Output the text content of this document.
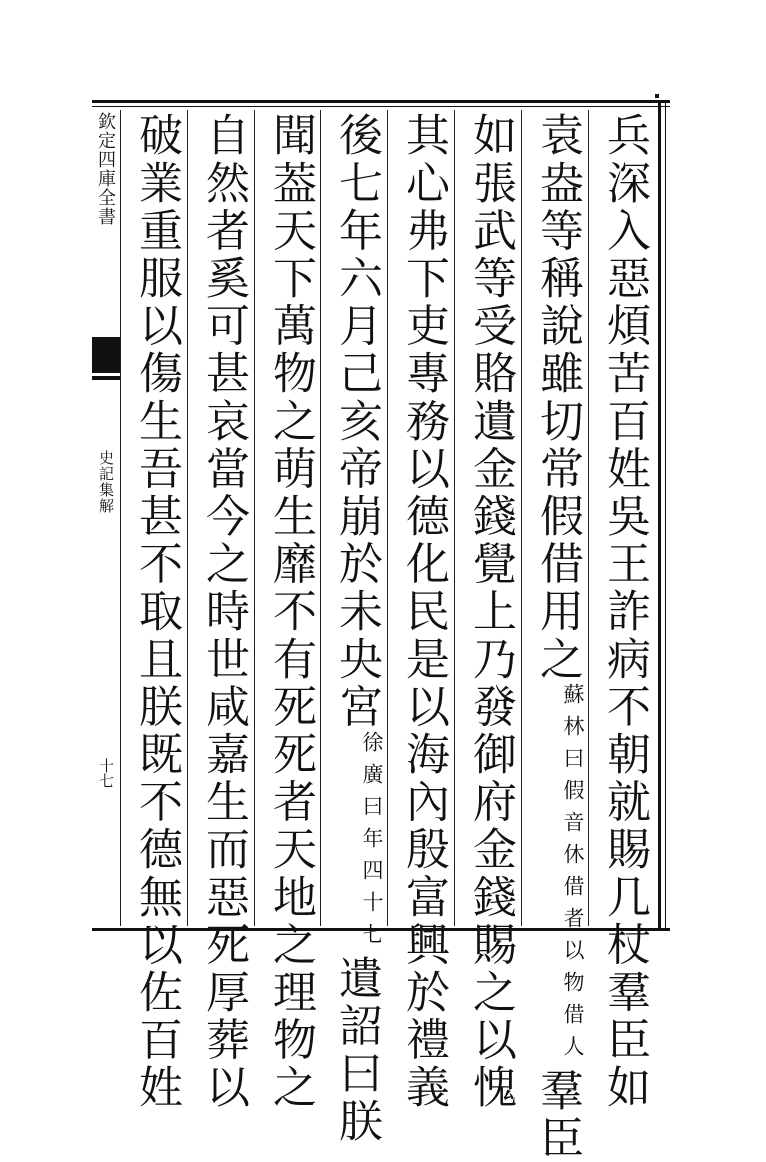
欽定四庫全書
史記集解
十七	兵深入惡煩苦百姓吳王詐病不朝就賜几杖羣臣如
袁盎等稱說雖切常假借用之蘇林曰假音休借者以物借人羣臣
如張武等受賂遺金錢覺上乃發御府金錢賜之以愧
其心弗下吏專務以德化民是以海內殷富興於禮義
後七年六月己亥帝崩於未央宮徐廣曰年四十七遺詔曰朕
聞葢天下萬物之萌生靡不有死死者天地之理物之
自然者奚可甚哀當今之時世咸嘉生而惡死厚葬以
破業重服以傷生吾甚不取且朕既不德無以佐百姓
